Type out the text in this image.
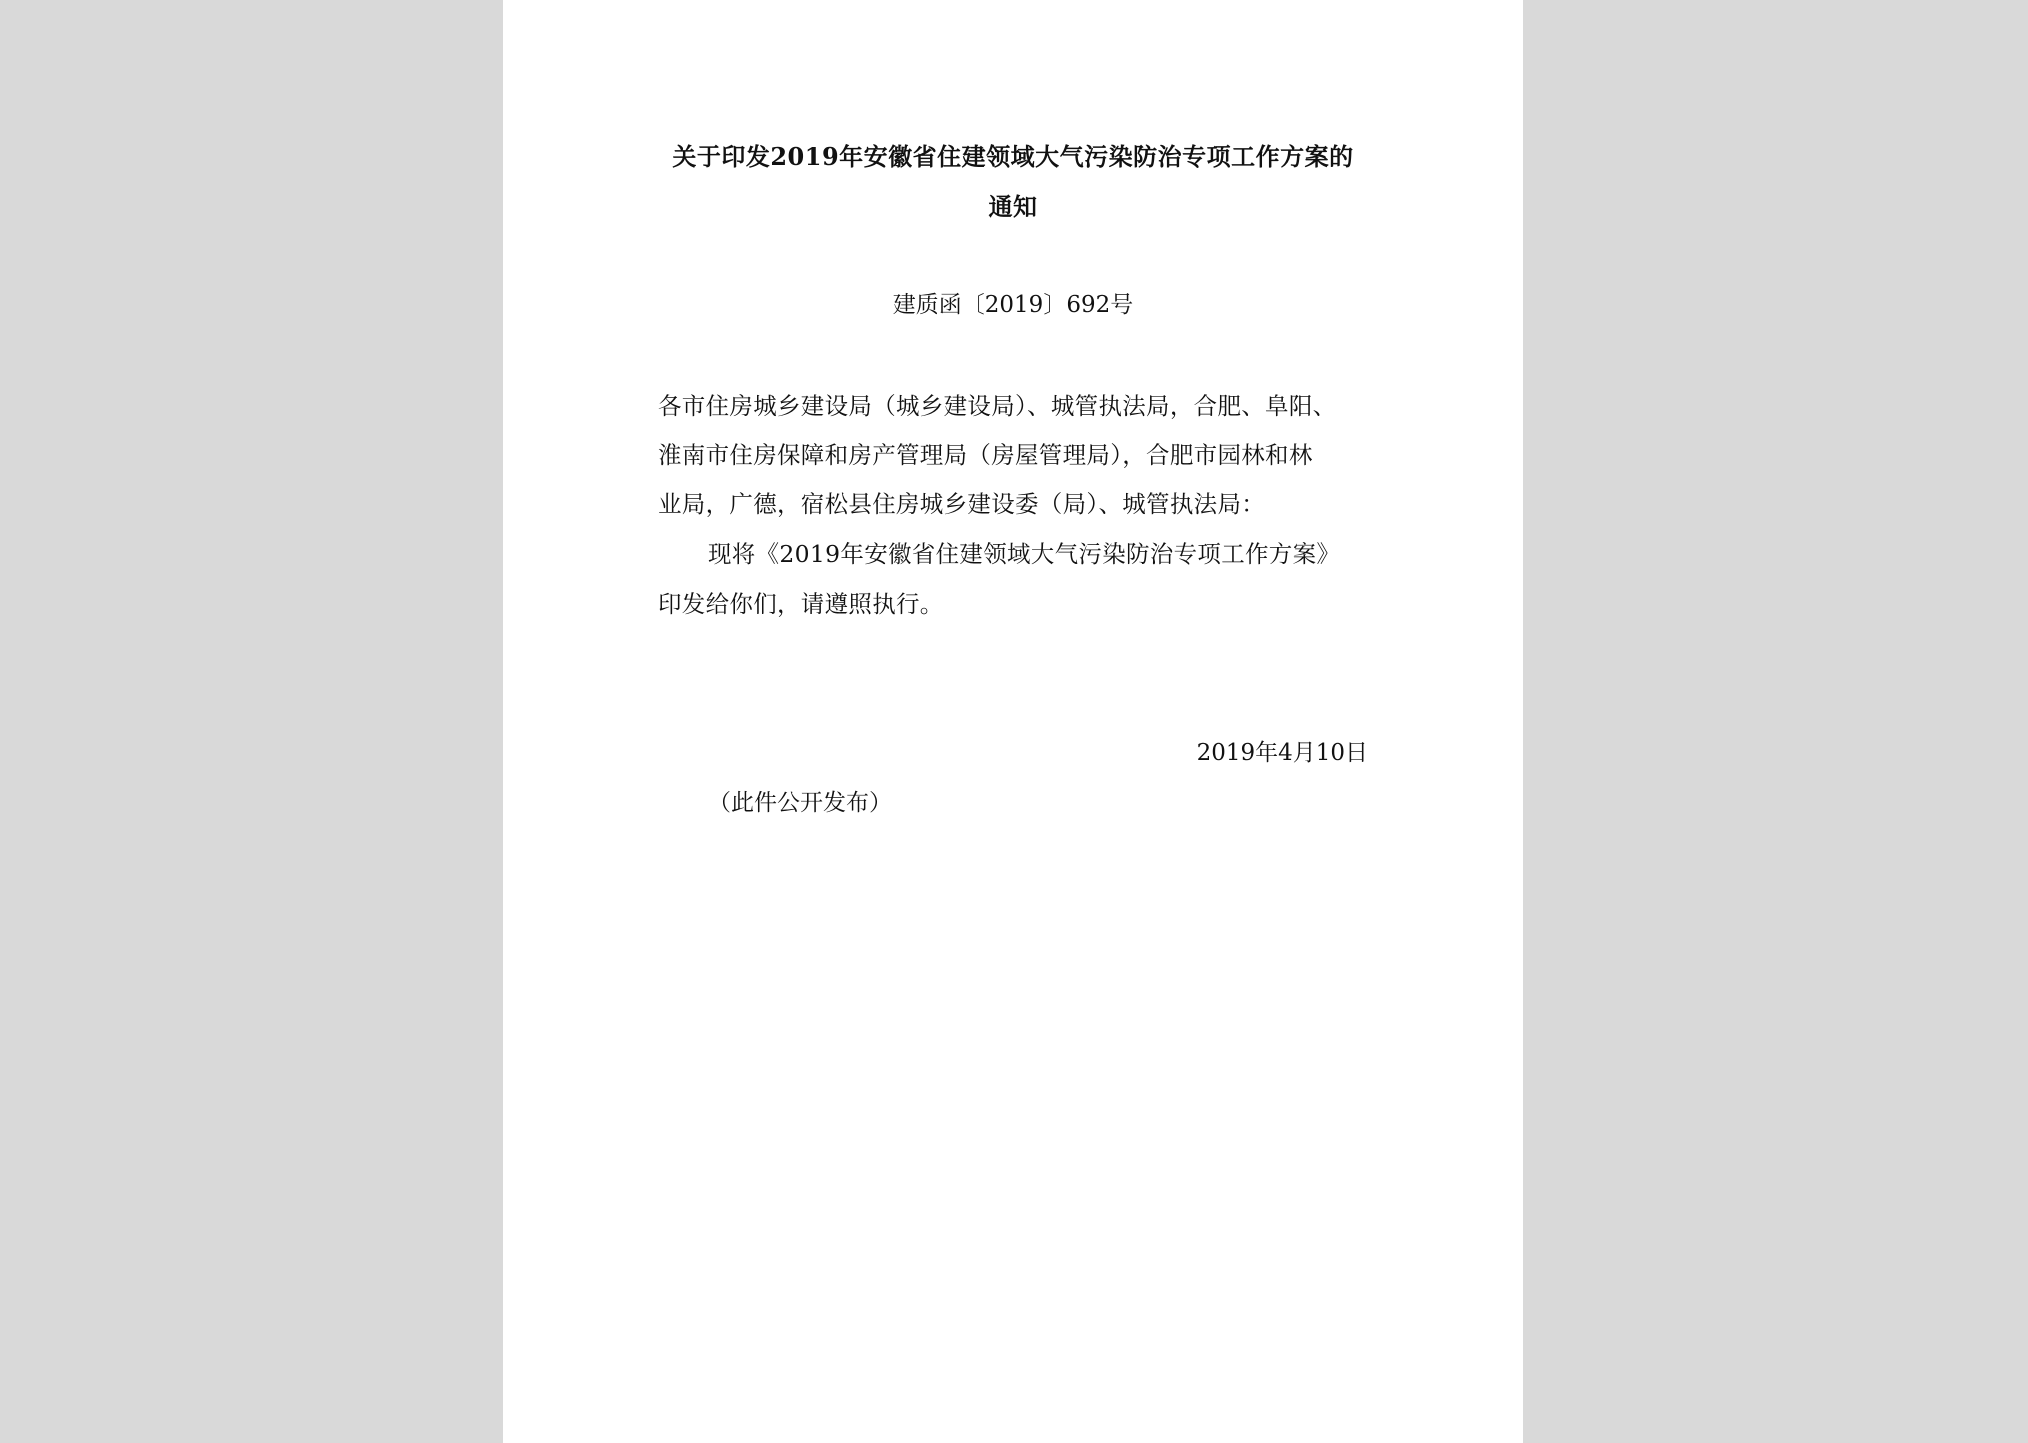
关于印发2019年安徽省住建领域大气污染防治专项工作方案的
通知
建质函〔2019〕692号
各市住房城乡建设局（城乡建设局）、城管执法局，合肥、阜阳、
淮南市住房保障和房产管理局（房屋管理局），合肥市园林和林
业局，广德，宿松县住房城乡建设委（局）、城管执法局：
现将《2019年安徽省住建领域大气污染防治专项工作方案》
印发给你们，请遵照执行。
2019年4月10日
（此件公开发布）
